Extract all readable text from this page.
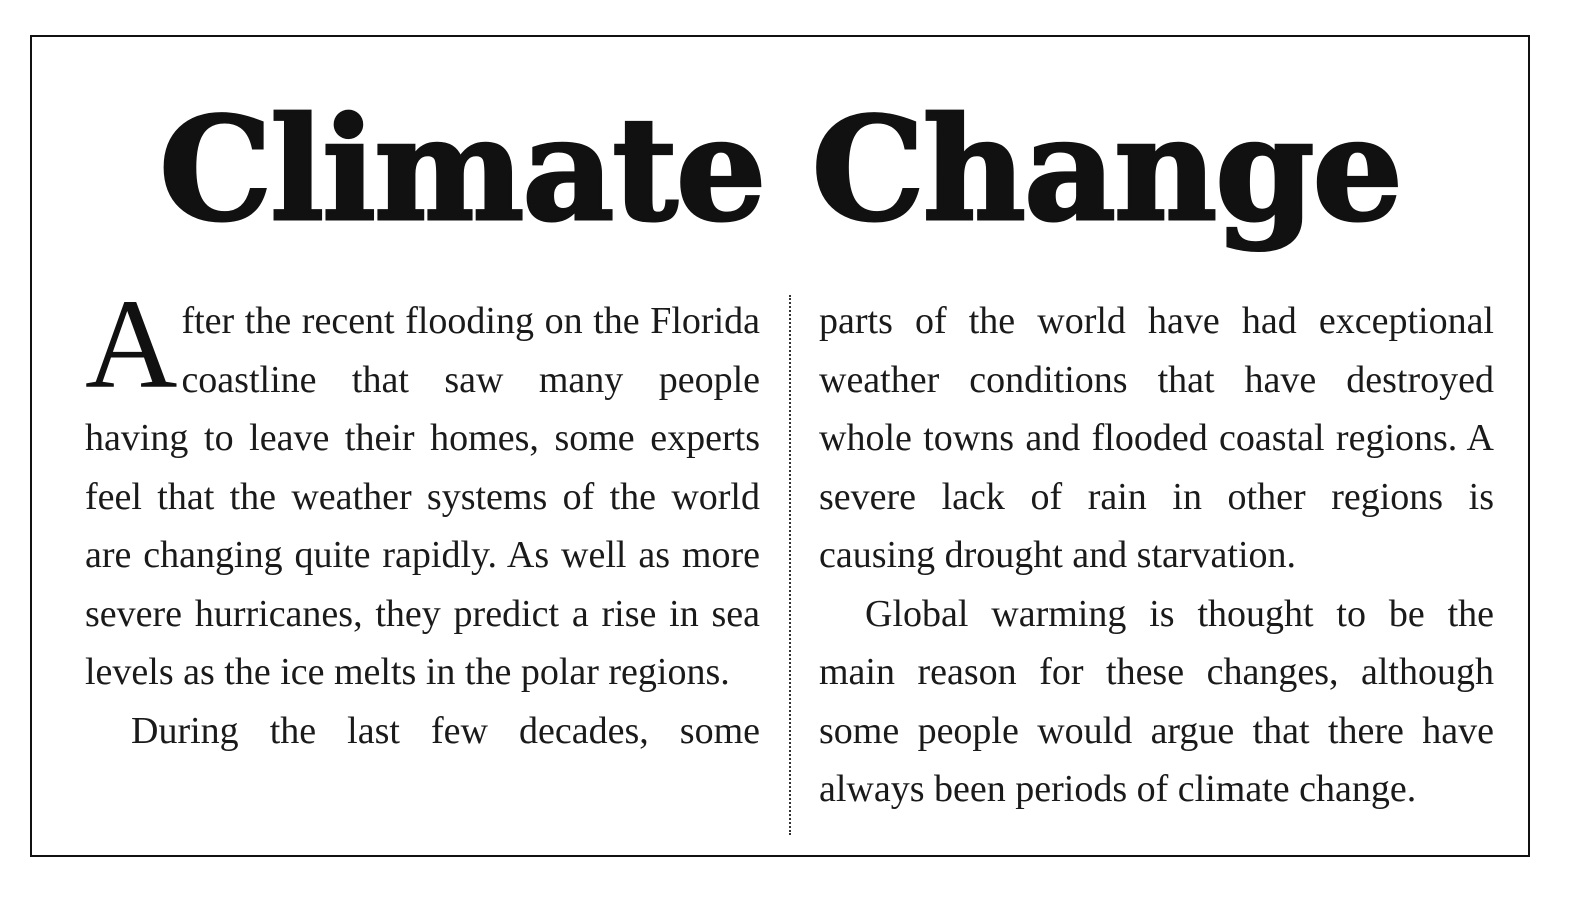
Climate Change

After the recent flooding on the Florida coastline that saw many people having to leave their homes, some experts feel that the weather systems of the world are changing quite rapidly. As well as more severe hurricanes, they predict a rise in sea levels as the ice melts in the polar regions.

During the last few decades, some

parts of the world have had exceptional weather conditions that have destroyed whole towns and flooded coastal regions. A severe lack of rain in other regions is causing drought and starvation.

Global warming is thought to be the main reason for these changes, although some people would argue that there have always been periods of climate change.
